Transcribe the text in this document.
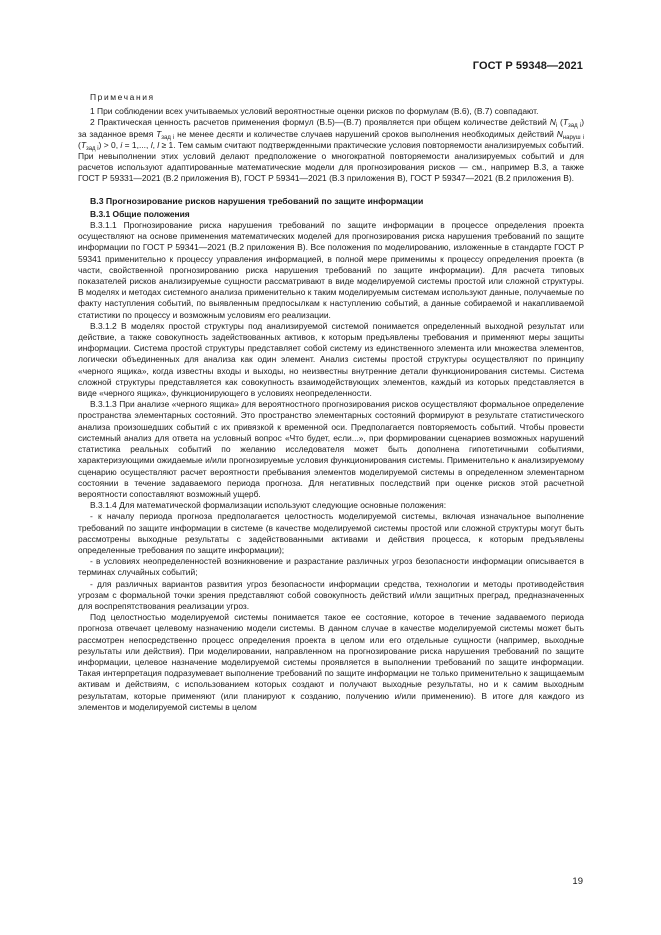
ГОСТ Р 59348—2021

Примечания

1 При соблюдении всех учитываемых условий вероятностные оценки рисков по формулам (В.6), (В.7) совпадают.

2 Практическая ценность расчетов применения формул (В.5)—(В.7) проявляется при общем количестве действий $N_i$ $(T_{зад i})$ за заданное время $T_{зад i}$ не менее десяти и количестве случаев нарушений сроков выполнения необходимых действий $N_{наруш i}$ $(T_{зад i}) > 0$, i = 1,..., l, l ≥ 1. Тем самым считают подтвержденными практические условия повторяемости анализируемых событий. При невыполнении этих условий делают предположение о многократной повторяемости анализируемых событий и для расчетов используют адаптированные математические модели для прогнозирования рисков — см., например В.3, а также ГОСТ Р 59331—2021 (В.2 приложения В), ГОСТ Р 59341—2021 (В.3 приложения В), ГОСТ Р 59347—2021 (В.2 приложения В).

В.3 Прогнозирование рисков нарушения требований по защите информации

В.3.1 Общие положения

В.3.1.1 Прогнозирование риска нарушения требований по защите информации в процессе определения проекта осуществляют на основе применения математических моделей для прогнозирования риска нарушения требований по защите информации по ГОСТ Р 59341—2021 (В.2 приложения В). Все положения по моделированию, изложенные в стандарте ГОСТ Р 59341 применительно к процессу управления информацией, в полной мере применимы к процессу определения проекта (в части, свойственной прогнозированию риска нарушения требований по защите информации). Для расчета типовых показателей рисков анализируемые сущности рассматривают в виде моделируемой системы простой или сложной структуры. В моделях и методах системного анализа применительно к таким моделируемым системам используют данные, получаемые по факту наступления событий, по выявленным предпосылкам к наступлению событий, а данные собираемой и накапливаемой статистики по процессу и возможным условиям его реализации.

В.3.1.2 В моделях простой структуры под анализируемой системой понимается определенный выходной результат или действие, а также совокупность задействованных активов, к которым предъявлены требования и применяют меры защиты информации. Система простой структуры представляет собой систему из единственного элемента или множества элементов, логически объединенных для анализа как один элемент. Анализ системы простой структуры осуществляют по принципу «черного ящика», когда известны входы и выходы, но неизвестны внутренние детали функционирования системы. Система сложной структуры представляется как совокупность взаимодействующих элементов, каждый из которых представляется в виде «черного ящика», функционирующего в условиях неопределенности.

В.3.1.3 При анализе «черного ящика» для вероятностного прогнозирования рисков осуществляют формальное определение пространства элементарных состояний. Это пространство элементарных состояний формируют в результате статистического анализа произошедших событий с их привязкой к временной оси. Предполагается повторяемость событий. Чтобы провести системный анализ для ответа на условный вопрос «Что будет, если...», при формировании сценариев возможных нарушений статистика реальных событий по желанию исследователя может быть дополнена гипотетичными событиями, характеризующими ожидаемые и/или прогнозируемые условия функционирования системы. Применительно к анализируемому сценарию осуществляют расчет вероятности пребывания элементов моделируемой системы в определенном элементарном состоянии в течение задаваемого периода прогноза. Для негативных последствий при оценке рисков этой расчетной вероятности сопоставляют возможный ущерб.

В.3.1.4 Для математической формализации используют следующие основные положения:

- к началу периода прогноза предполагается целостность моделируемой системы, включая изначальное выполнение требований по защите информации в системе (в качестве моделируемой системы простой или сложной структуры могут быть рассмотрены выходные результаты с задействованными активами и действия процесса, к которым предъявлены определенные требования по защите информации);

- в условиях неопределенностей возникновение и разрастание различных угроз безопасности информации описывается в терминах случайных событий;

- для различных вариантов развития угроз безопасности информации средства, технологии и методы противодействия угрозам с формальной точки зрения представляют собой совокупность действий и/или защитных преград, предназначенных для воспрепятствования реализации угроз.

Под целостностью моделируемой системы понимается такое ее состояние, которое в течение задаваемого периода прогноза отвечает целевому назначению модели системы. В данном случае в качестве моделируемой системы может быть рассмотрен непосредственно процесс определения проекта в целом или его отдельные сущности (например, выходные результаты или действия). При моделировании, направленном на прогнозирование риска нарушения требований по защите информации, целевое назначение моделируемой системы проявляется в выполнении требований по защите информации. Такая интерпретация подразумевает выполнение требований по защите информации не только применительно к защищаемым активам и действиям, с использованием которых создают и получают выходные результаты, но и к самим выходным результатам, которые применяют (или планируют к созданию, получению и/или применению). В итоге для каждого из элементов и моделируемой системы в целом

19
